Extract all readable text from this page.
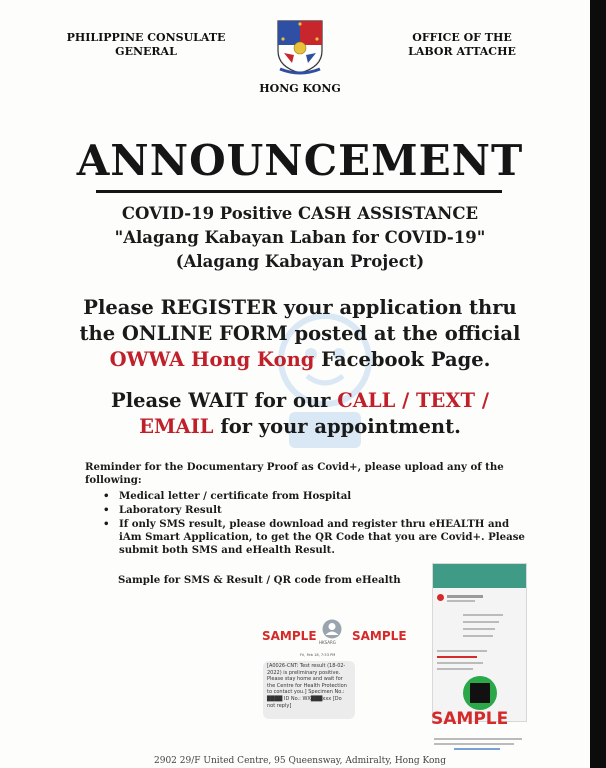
PHILIPPINE CONSULATE
GENERAL
OFFICE OF THE
LABOR ATTACHE
HONG KONG
ANNOUNCEMENT
COVID-19 Positive CASH ASSISTANCE
"Alagang Kabayan Laban for COVID-19"
(Alagang Kabayan Project)
Please REGISTER your application thru
the ONLINE FORM posted at the official
OWWA Hong Kong Facebook Page.
Please WAIT for our CALL / TEXT /
EMAIL for your appointment.
Reminder for the Documentary Proof as Covid+, please upload any of the following:
• Medical letter / certificate from Hospital
• Laboratory Result
• If only SMS result, please download and register thru eHEALTH and iAm Smart Application, to get the QR Code that you are Covid+. Please submit both SMS and eHealth Result.
Sample for SMS & Result / QR code from eHealth
SAMPLE HKSARG SAMPLE
Fri, Feb 18, 7:53 PM
[A0026-CNT: Test result (18-02-2022) is preliminary positive. Please stay home and wait for the Centre for Health Protection to contact you.] Specimen No.: ████ ID No.: WX███xxx [Do not reply]
SAMPLE
2902 29/F United Centre, 95 Queensway, Admiralty, Hong Kong
